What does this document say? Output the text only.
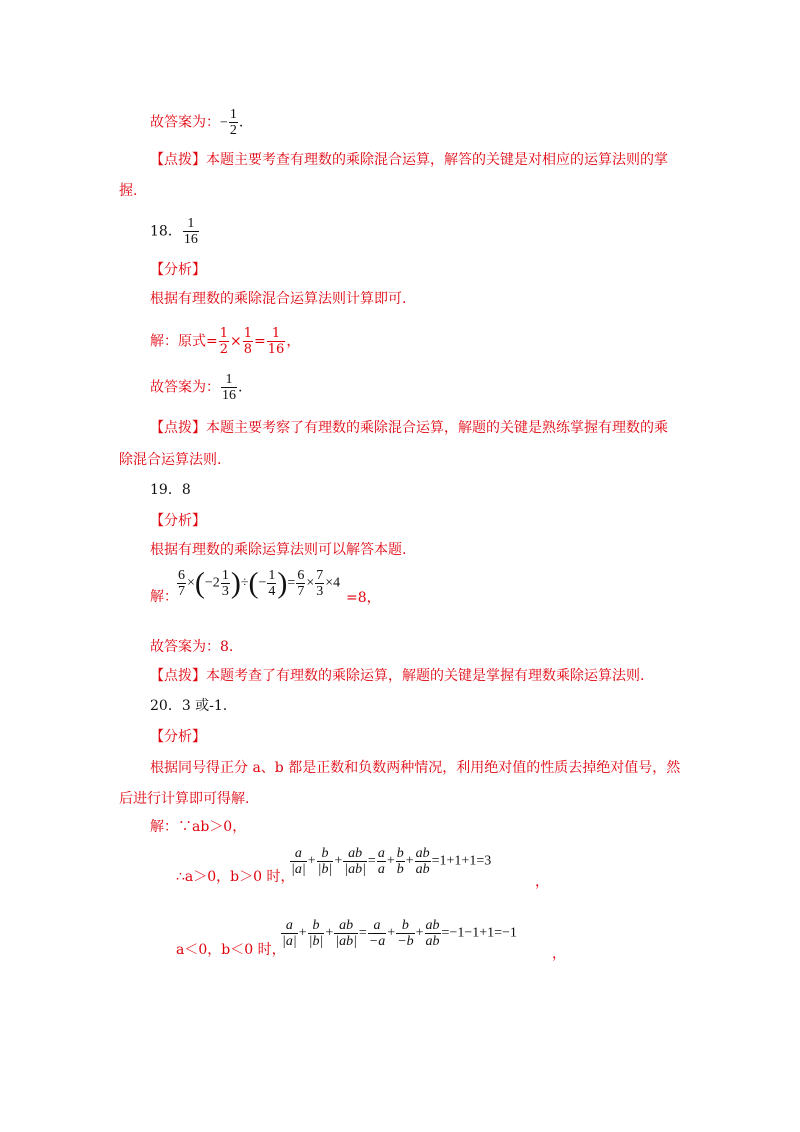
故答案为：− $\frac{1}{2}$ .
【点拨】本题主要考查有理数的乘除混合运算，解答的关键是对相应的运算法则的掌
握.
18． $\frac{1}{16}$
【分析】
根据有理数的乘除混合运算法则计算即可.
解：原式= $\frac{1}{2} \times \frac{1}{8} = \frac{1}{16}$ ，
故答案为： $\frac{1}{16}$ .
【点拨】本题主要考察了有理数的乘除混合运算，解题的关键是熟练掌握有理数的乘
除混合运算法则.
19．8
【分析】
根据有理数的乘除运算法则可以解答本题.
解： $\frac{6}{7} \times(-2 \frac{1}{3}$ )÷(− $\frac{1}{4}$ )= $\frac{6}{7} \times \frac{7}{3} \times 4$
=8，
故答案为：8.
【点拨】本题考查了有理数的乘除运算，解题的关键是掌握有理数乘除运算法则.
20．3 或-1.
【分析】
根据同号得正分 a、b 都是正数和负数两种情况，利用绝对值的性质去掉绝对值号，然
后进行计算即可得解.
解：∵ab＞0，
∴a＞0，b＞0 时，
$\frac{a}{|a|} + \frac{b}{|b|} + \frac{ab}{|ab|} = \frac{a}{a} + \frac{b}{b} + \frac{ab}{ab} =1+1+1=3$
，
a＜0，b＜0 时，
$\frac{a}{|a|} + \frac{b}{|b|} + \frac{ab}{|ab|} = \frac{a}{-a} + \frac{b}{-b} + \frac{ab}{ab} =-1-1+1=-1$
，
